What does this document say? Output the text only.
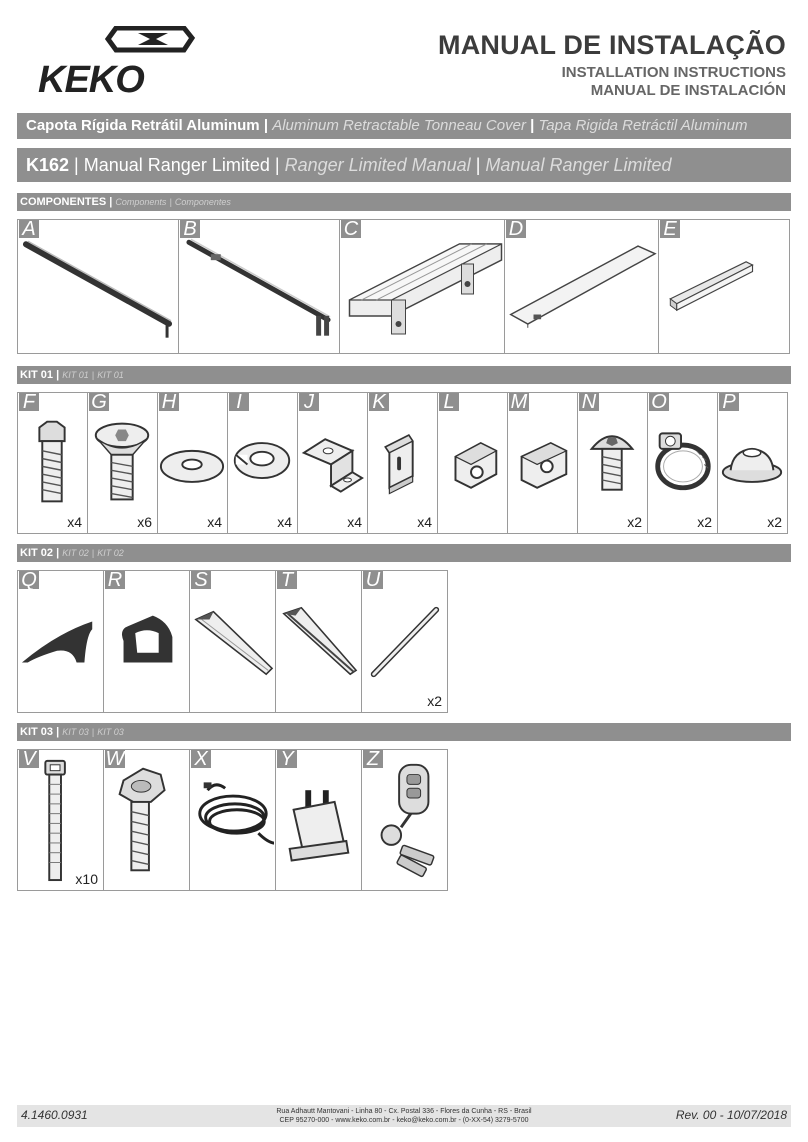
KEKO
MANUAL DE INSTALAÇÃO
INSTALLATION INSTRUCTIONS
MANUAL DE INSTALACIÓN
Capota Rígida Retrátil Aluminum | Aluminum Retractable Tonneau Cover | Tapa Rigida Retráctil Aluminum
K162 | Manual Ranger Limited | Ranger Limited Manual | Manual Ranger Limited
COMPONENTES | Components | Componentes
A	B	C	D	E
KIT 01 | KIT 01 | KIT 01
F
x4
G
x6
H
x4
I
x4
J
x4
K
x4
L	M	N
x2
O
x2
P
x2
KIT 02 | KIT 02 | KIT 02
Q	R	S	T	U
x2
KIT 03 | KIT 03 | KIT 03
V
x10
W	X	Y	Z
4.1460.0931	Rua Adhautt Mantovani - Linha 80 - Cx. Postal 336 - Flores da Cunha - RS - Brasil
CEP 95270-000 - www.keko.com.br - keko@keko.com.br - (0-XX-54) 3279-5700	Rev. 00 - 10/07/2018
